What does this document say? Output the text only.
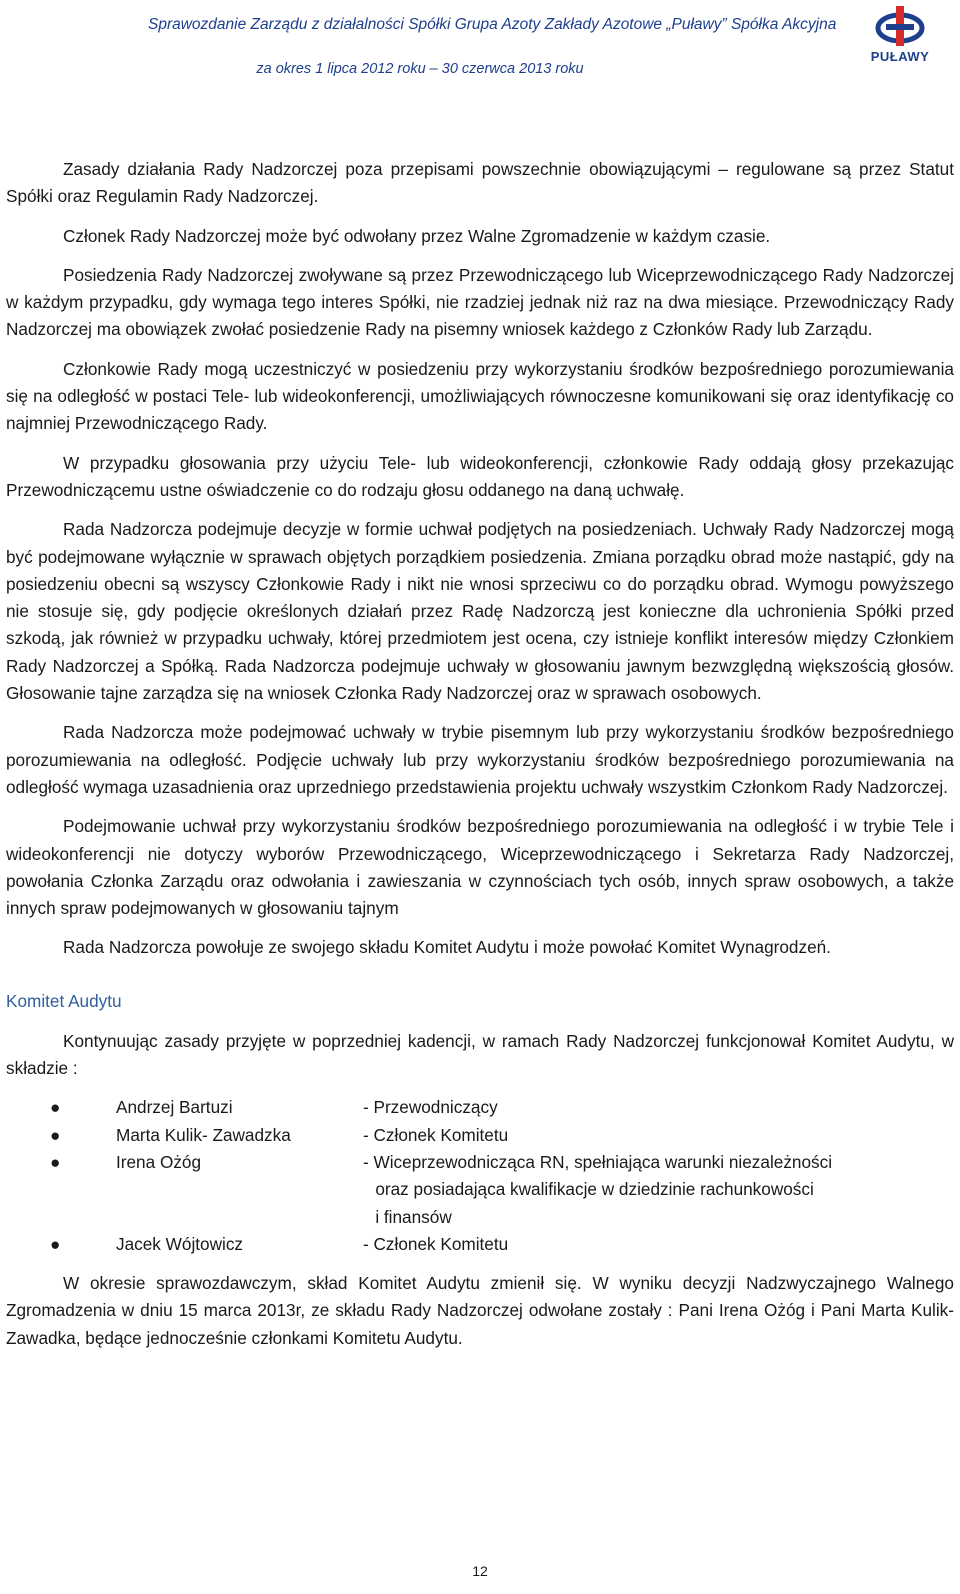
Sprawozdanie Zarządu z działalności Spółki Grupa Azoty Zakłady Azotowe „Puławy” Spółka Akcyjna
za okres 1 lipca 2012 roku – 30 czerwca 2013 roku
PUŁAWY

Zasady działania Rady Nadzorczej poza przepisami powszechnie obowiązującymi – regulowane są przez Statut Spółki oraz Regulamin Rady Nadzorczej.

Członek Rady Nadzorczej może być odwołany przez Walne Zgromadzenie w każdym czasie.

Posiedzenia Rady Nadzorczej zwoływane są przez Przewodniczącego lub Wiceprzewodniczącego Rady Nadzorczej w każdym przypadku, gdy wymaga tego interes Spółki, nie rzadziej jednak niż raz na dwa miesiące. Przewodniczący Rady Nadzorczej ma obowiązek zwołać posiedzenie Rady na pisemny wniosek każdego z Członków Rady lub Zarządu.

Członkowie Rady mogą uczestniczyć w posiedzeniu przy wykorzystaniu środków bezpośredniego porozumiewania się na odległość w postaci Tele- lub wideokonferencji, umożliwiających równoczesne komunikowani się oraz identyfikację co najmniej Przewodniczącego Rady.

W przypadku głosowania przy użyciu Tele- lub wideokonferencji, członkowie Rady oddają głosy przekazując Przewodniczącemu ustne oświadczenie co do rodzaju głosu oddanego na daną uchwałę.

Rada Nadzorcza podejmuje decyzje w formie uchwał podjętych na posiedzeniach. Uchwały Rady Nadzorczej mogą być podejmowane wyłącznie w sprawach objętych porządkiem posiedzenia. Zmiana porządku obrad może nastąpić, gdy na posiedzeniu obecni są wszyscy Członkowie Rady i nikt nie wnosi sprzeciwu co do porządku obrad. Wymogu powyższego nie stosuje się, gdy podjęcie określonych działań przez Radę Nadzorczą jest konieczne dla uchronienia Spółki przed szkodą, jak również w przypadku uchwały, której przedmiotem jest ocena, czy istnieje konflikt interesów między Członkiem Rady Nadzorczej a Spółką. Rada Nadzorcza podejmuje uchwały w głosowaniu jawnym bezwzględną większością głosów. Głosowanie tajne zarządza się na wniosek Członka Rady Nadzorczej oraz w sprawach osobowych.

Rada Nadzorcza może podejmować uchwały w trybie pisemnym lub przy wykorzystaniu środków bezpośredniego porozumiewania na odległość. Podjęcie uchwały lub przy wykorzystaniu środków bezpośredniego porozumiewania na odległość wymaga uzasadnienia oraz uprzedniego przedstawienia projektu uchwały wszystkim Członkom Rady Nadzorczej.

Podejmowanie uchwał przy wykorzystaniu środków bezpośredniego porozumiewania na odległość i w trybie Tele i wideokonferencji nie dotyczy wyborów Przewodniczącego, Wiceprzewodniczącego i Sekretarza Rady Nadzorczej, powołania Członka Zarządu oraz odwołania i zawieszania w czynnościach tych osób, innych spraw osobowych, a także innych spraw podejmowanych w głosowaniu tajnym

Rada Nadzorcza powołuje ze swojego składu Komitet Audytu i może powołać Komitet Wynagrodzeń.

Komitet Audytu

Kontynuując zasady przyjęte w poprzedniej kadencji, w ramach Rady Nadzorczej funkcjonował Komitet Audytu, w składzie :

●	Andrzej Bartuzi	- Przewodniczący
●	Marta Kulik- Zawadzka	- Członek Komitetu
●	Irena Ożóg	- Wiceprzewodnicząca RN, spełniająca warunki niezależności
oraz posiadająca kwalifikacje w dziedzinie rachunkowości
i finansów
●	Jacek Wójtowicz	- Członek Komitetu

W okresie sprawozdawczym, skład Komitet Audytu zmienił się. W wyniku decyzji Nadzwyczajnego Walnego Zgromadzenia w dniu 15 marca 2013r, ze składu Rady Nadzorczej odwołane zostały : Pani Irena Ożóg i Pani Marta Kulik-Zawadka, będące jednocześnie członkami Komitetu Audytu.

12
